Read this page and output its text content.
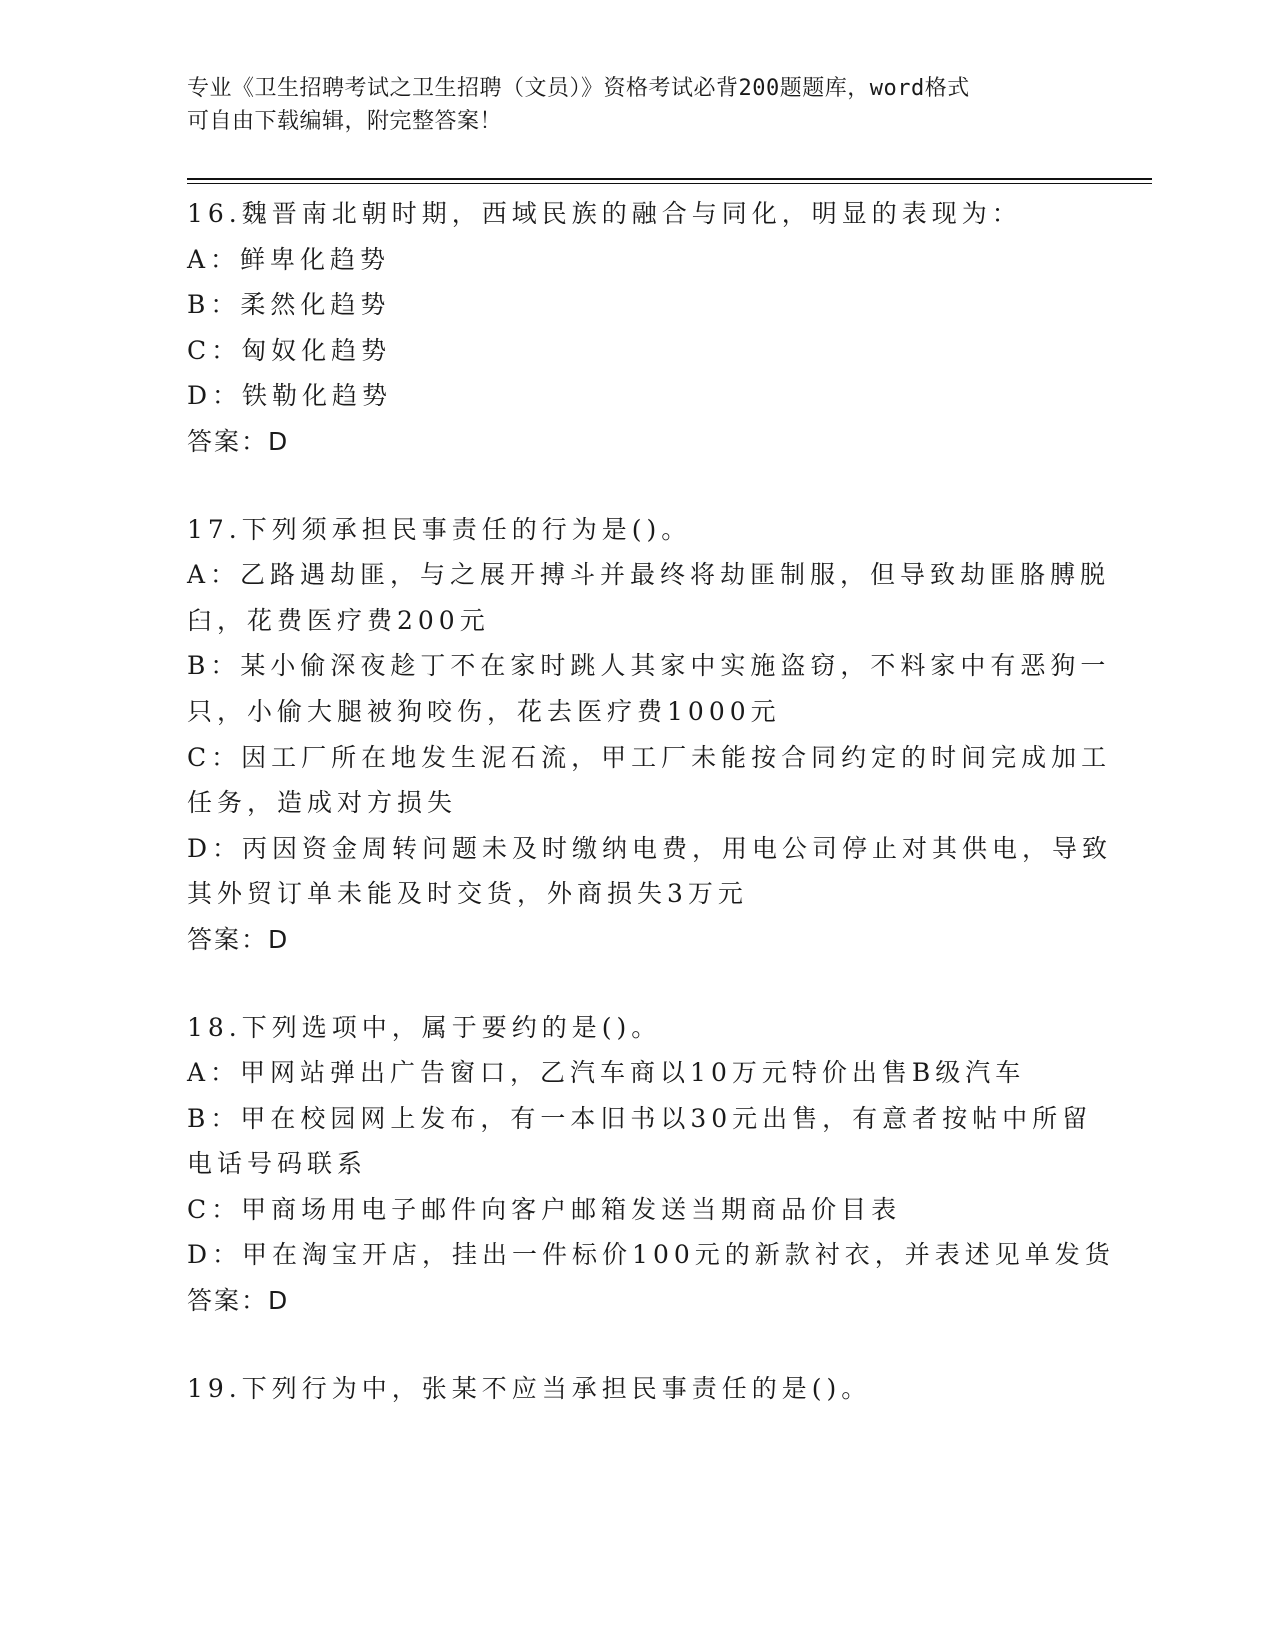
专业《卫生招聘考试之卫生招聘（文员）》资格考试必背200题题库，word格式
可自由下载编辑，附完整答案！
16.魏晋南北朝时期，西域民族的融合与同化，明显的表现为：
A：鲜卑化趋势
B：柔然化趋势
C：匈奴化趋势
D：铁勒化趋势
答案：D
17.下列须承担民事责任的行为是()。
A：乙路遇劫匪，与之展开搏斗并最终将劫匪制服，但导致劫匪胳膊脱
臼，花费医疗费200元
B：某小偷深夜趁丁不在家时跳人其家中实施盗窃，不料家中有恶狗一
只，小偷大腿被狗咬伤，花去医疗费1000元
C：因工厂所在地发生泥石流，甲工厂未能按合同约定的时间完成加工
任务，造成对方损失
D：丙因资金周转问题未及时缴纳电费，用电公司停止对其供电，导致
其外贸订单未能及时交货，外商损失3万元
答案：D
18.下列选项中，属于要约的是()。
A：甲网站弹出广告窗口，乙汽车商以10万元特价出售B级汽车
B：甲在校园网上发布，有一本旧书以30元出售，有意者按帖中所留
电话号码联系
C：甲商场用电子邮件向客户邮箱发送当期商品价目表
D：甲在淘宝开店，挂出一件标价100元的新款衬衣，并表述见单发货
答案：D
19.下列行为中，张某不应当承担民事责任的是()。
